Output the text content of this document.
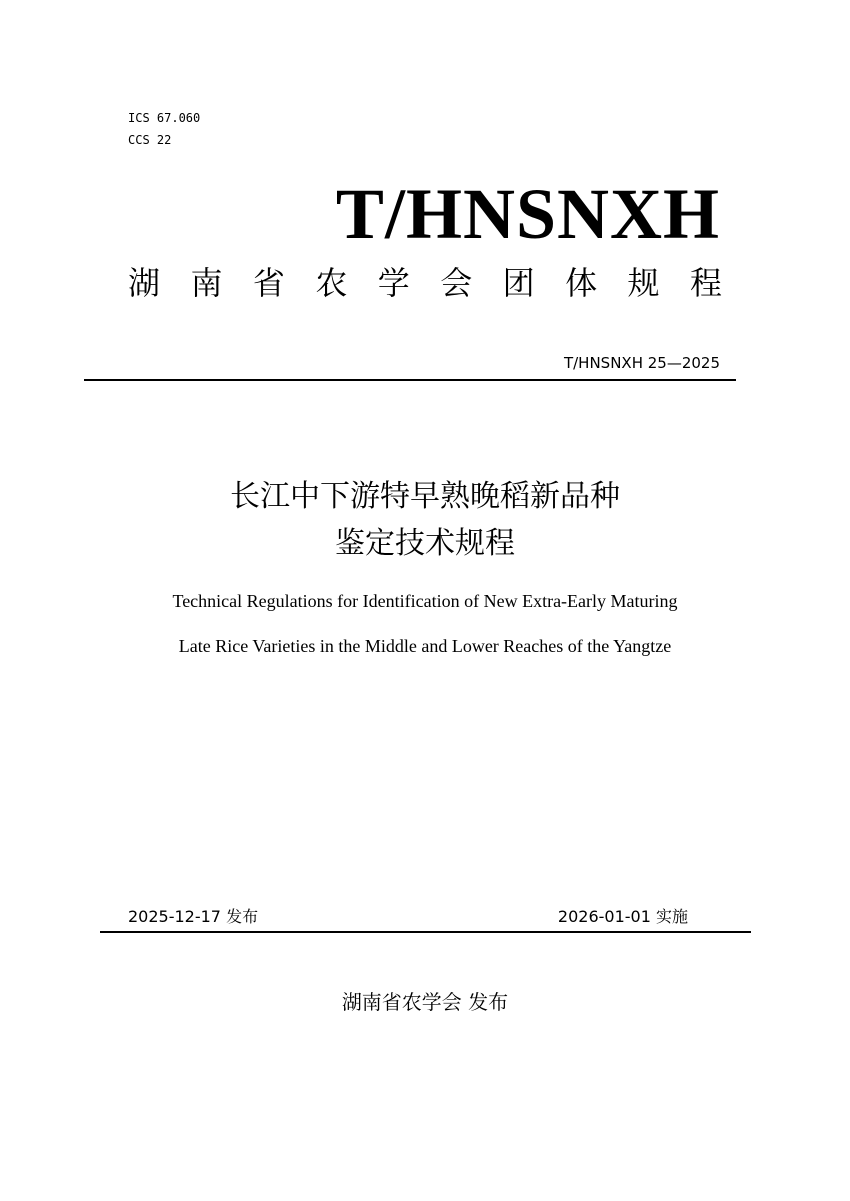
ICS 67.060
CCS 22
T/HNSNXH
湖 南 省 农 学 会 团 体 规 程
T/HNSNXH 25—2025
长江中下游特早熟晚稻新品种
鉴定技术规程
Technical Regulations for Identification of New Extra-Early Maturing
Late Rice Varieties in the Middle and Lower Reaches of the Yangtze
2025-12-17 发布	2026-01-01 实施
湖南省农学会 发布
